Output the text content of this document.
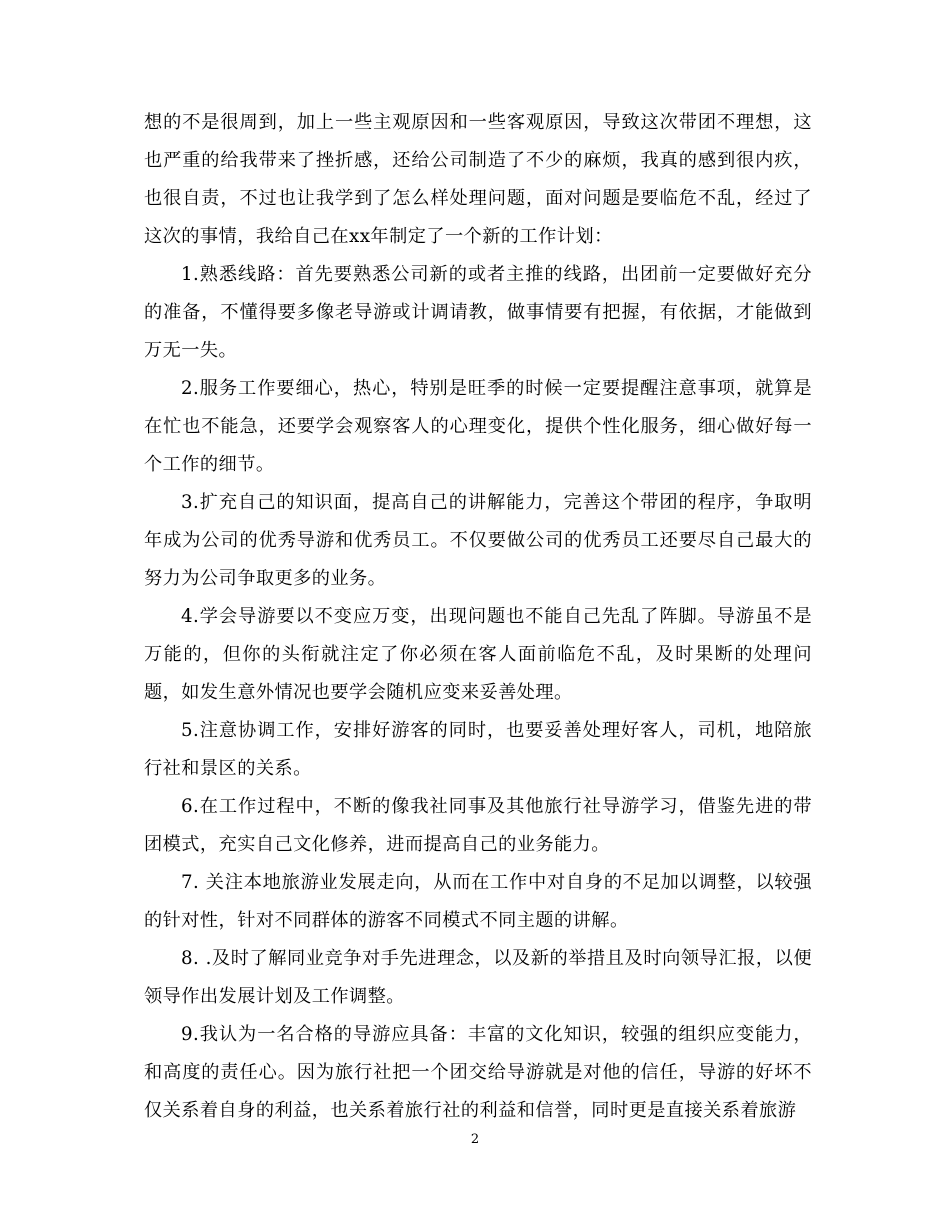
想的不是很周到，加上一些主观原因和一些客观原因，导致这次带团不理想，这也严重的给我带来了挫折感，还给公司制造了不少的麻烦，我真的感到很内疚，也很自责，不过也让我学到了怎么样处理问题，面对问题是要临危不乱，经过了这次的事情，我给自己在xx年制定了一个新的工作计划：

1.熟悉线路：首先要熟悉公司新的或者主推的线路，出团前一定要做好充分的准备，不懂得要多像老导游或计调请教，做事情要有把握，有依据，才能做到万无一失。

2.服务工作要细心，热心，特别是旺季的时候一定要提醒注意事项，就算是在忙也不能急，还要学会观察客人的心理变化，提供个性化服务，细心做好每一个工作的细节。

3.扩充自己的知识面，提高自己的讲解能力，完善这个带团的程序，争取明年成为公司的优秀导游和优秀员工。不仅要做公司的优秀员工还要尽自己最大的努力为公司争取更多的业务。

4.学会导游要以不变应万变，出现问题也不能自己先乱了阵脚。导游虽不是万能的，但你的头衔就注定了你必须在客人面前临危不乱，及时果断的处理问题，如发生意外情况也要学会随机应变来妥善处理。

5.注意协调工作，安排好游客的同时，也要妥善处理好客人，司机，地陪旅行社和景区的关系。

6.在工作过程中，不断的像我社同事及其他旅行社导游学习，借鉴先进的带团模式，充实自己文化修养，进而提高自己的业务能力。

7. 关注本地旅游业发展走向，从而在工作中对自身的不足加以调整，以较强的针对性，针对不同群体的游客不同模式不同主题的讲解。

8. .及时了解同业竞争对手先进理念，以及新的举措且及时向领导汇报，以便领导作出发展计划及工作调整。

9.我认为一名合格的导游应具备：丰富的文化知识，较强的组织应变能力，和高度的责任心。因为旅行社把一个团交给导游就是对他的信任，导游的好坏不仅关系着自身的利益，也关系着旅行社的利益和信誉，同时更是直接关系着旅游

2
